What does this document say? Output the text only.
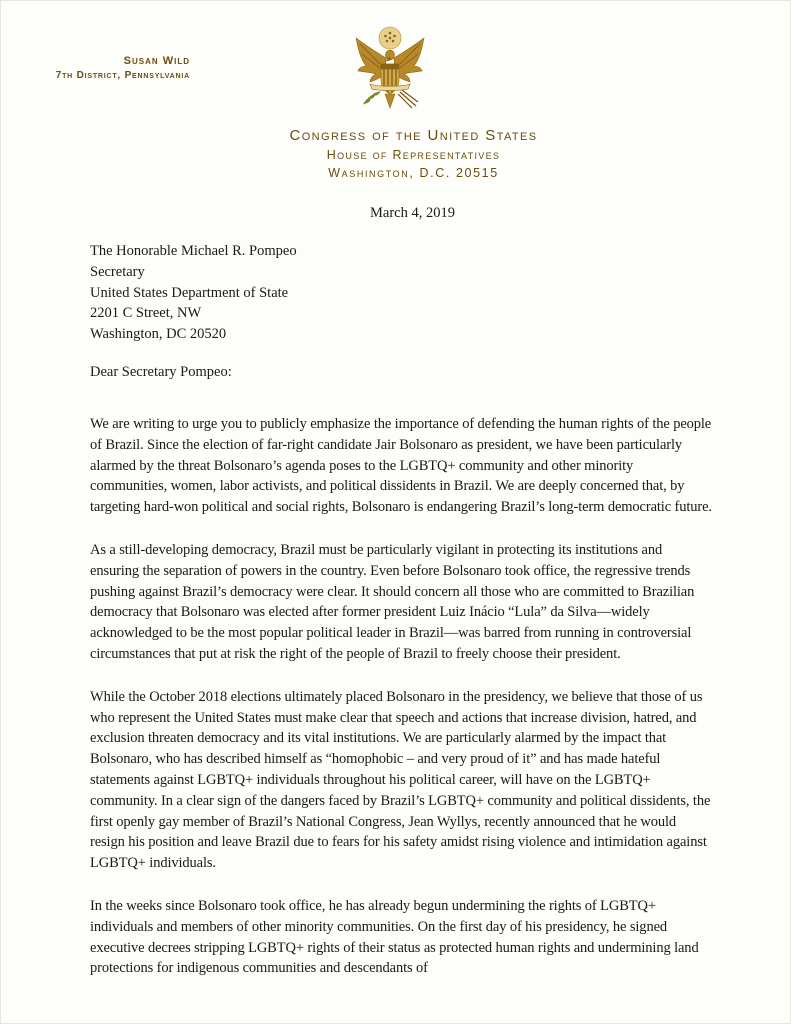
Susan Wild
7th District, Pennsylvania
Congress of the United States
House of Representatives
Washington, D.C. 20515
March 4, 2019
The Honorable Michael R. Pompeo
Secretary
United States Department of State
2201 C Street, NW
Washington, DC 20520
Dear Secretary Pompeo:

We are writing to urge you to publicly emphasize the importance of defending the human rights of the people of Brazil. Since the election of far-right candidate Jair Bolsonaro as president, we have been particularly alarmed by the threat Bolsonaro’s agenda poses to the LGBTQ+ community and other minority communities, women, labor activists, and political dissidents in Brazil. We are deeply concerned that, by targeting hard-won political and social rights, Bolsonaro is endangering Brazil’s long-term democratic future.

As a still-developing democracy, Brazil must be particularly vigilant in protecting its institutions and ensuring the separation of powers in the country. Even before Bolsonaro took office, the regressive trends pushing against Brazil’s democracy were clear. It should concern all those who are committed to Brazilian democracy that Bolsonaro was elected after former president Luiz Inácio “Lula” da Silva—widely acknowledged to be the most popular political leader in Brazil—was barred from running in controversial circumstances that put at risk the right of the people of Brazil to freely choose their president.

While the October 2018 elections ultimately placed Bolsonaro in the presidency, we believe that those of us who represent the United States must make clear that speech and actions that increase division, hatred, and exclusion threaten democracy and its vital institutions. We are particularly alarmed by the impact that Bolsonaro, who has described himself as “homophobic – and very proud of it” and has made hateful statements against LGBTQ+ individuals throughout his political career, will have on the LGBTQ+ community. In a clear sign of the dangers faced by Brazil’s LGBTQ+ community and political dissidents, the first openly gay member of Brazil’s National Congress, Jean Wyllys, recently announced that he would resign his position and leave Brazil due to fears for his safety amidst rising violence and intimidation against LGBTQ+ individuals.

In the weeks since Bolsonaro took office, he has already begun undermining the rights of LGBTQ+ individuals and members of other minority communities. On the first day of his presidency, he signed executive decrees stripping LGBTQ+ rights of their status as protected human rights and undermining land protections for indigenous communities and descendants of
